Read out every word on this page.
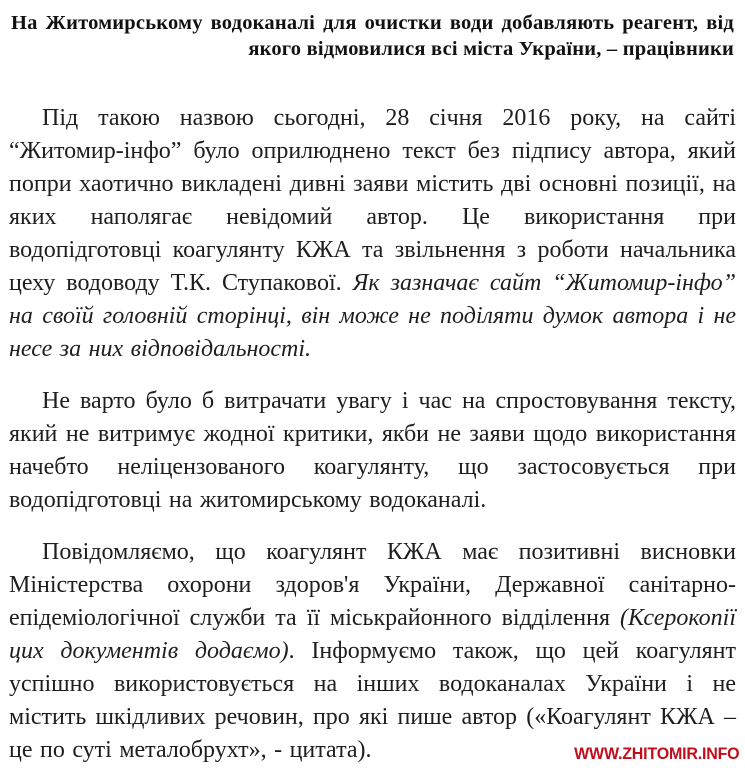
На Житомирському водоканалі для очистки води добавляють реагент, від якого відмовилися всі міста України, – працівники

Під такою назвою сьогодні, 28 січня 2016 року, на сайті “Житомир-інфо” було оприлюднено текст без підпису автора, який попри хаотично викладені дивні заяви містить дві основні позиції, на яких наполягає невідомий автор. Це використання при водопідготовці коагулянту КЖА та звільнення з роботи начальника цеху водоводу Т.К. Ступакової. Як зазначає сайт “Житомир-інфо” на своїй головній сторінці, він може не поділяти думок автора і не несе за них відповідальності.

Не варто було б витрачати увагу і час на спростовування тексту, який не витримує жодної критики, якби не заяви щодо використання начебто неліцензованого коагулянту, що застосовується при водопідготовці на житомирському водоканалі.

Повідомляємо, що коагулянт КЖА має позитивні висновки Міністерства охорони здоров'я України, Державної санітарно-епідеміологічної служби та її міськрайонного відділення (Ксерокопії цих документів додаємо). Інформуємо також, що цей коагулянт успішно використовується на інших водоканалах України і не містить шкідливих речовин, про які пише автор («Коагулянт КЖА – це по суті металобрухт», - цитата).	WWW.ZHITOMIR.INFO
